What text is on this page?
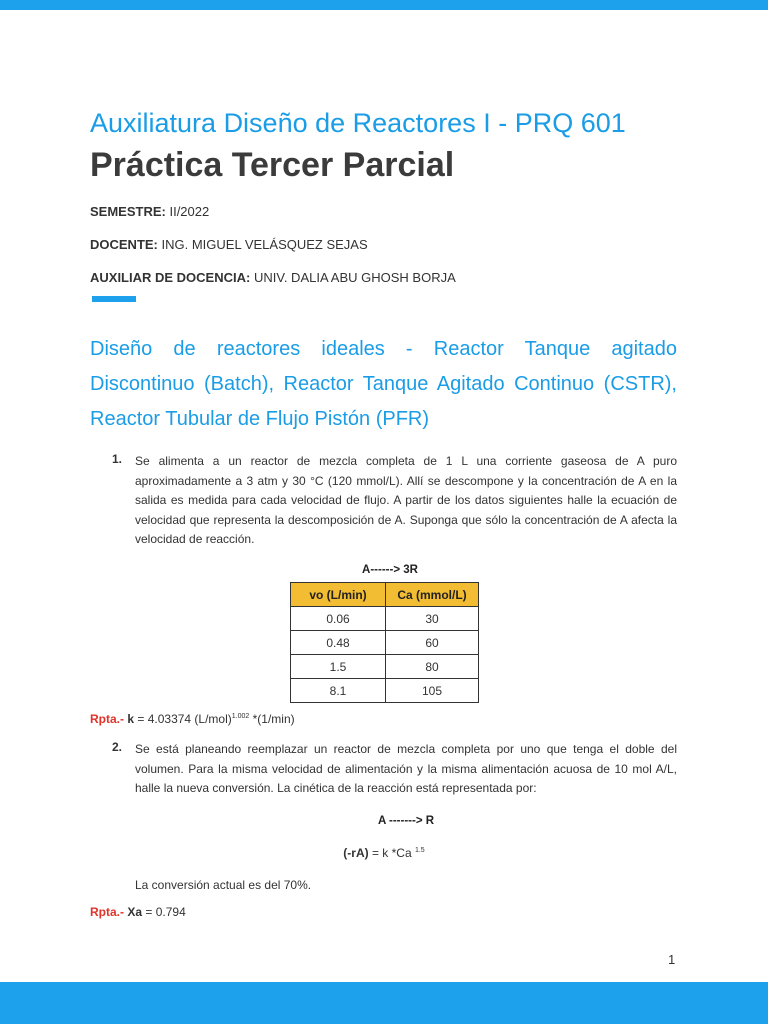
Auxiliatura Diseño de Reactores I - PRQ 601
Práctica Tercer Parcial
SEMESTRE: II/2022
DOCENTE: ING. MIGUEL VELÁSQUEZ SEJAS
AUXILIAR DE DOCENCIA: UNIV. DALIA ABU GHOSH BORJA
Diseño de reactores ideales - Reactor Tanque agitado Discontinuo (Batch), Reactor Tanque Agitado Continuo (CSTR), Reactor Tubular de Flujo Pistón (PFR)
1. Se alimenta a un reactor de mezcla completa de 1 L una corriente gaseosa de A puro aproximadamente a 3 atm y 30 °C (120 mmol/L). Allí se descompone y la concentración de A en la salida es medida para cada velocidad de flujo. A partir de los datos siguientes halle la ecuación de velocidad que representa la descomposición de A. Suponga que sólo la concentración de A afecta la velocidad de reacción.
A------> 3R
vo (L/min)	Ca (mmol/L)
0.06	30
0.48	60
1.5	80
8.1	105
Rpta.- k = 4.03374 $(L/mol)^{1.002}$ *(1/min)
2. Se está planeando reemplazar un reactor de mezcla completa por uno que tenga el doble del volumen. Para la misma velocidad de alimentación y la misma alimentación acuosa de 10 mol A/L, halle la nueva conversión. La cinética de la reacción está representada por:
A -------> R
(-rA) = k *Ca $^{1.5}$
La conversión actual es del 70%.
Rpta.- Xa = 0.794
1
